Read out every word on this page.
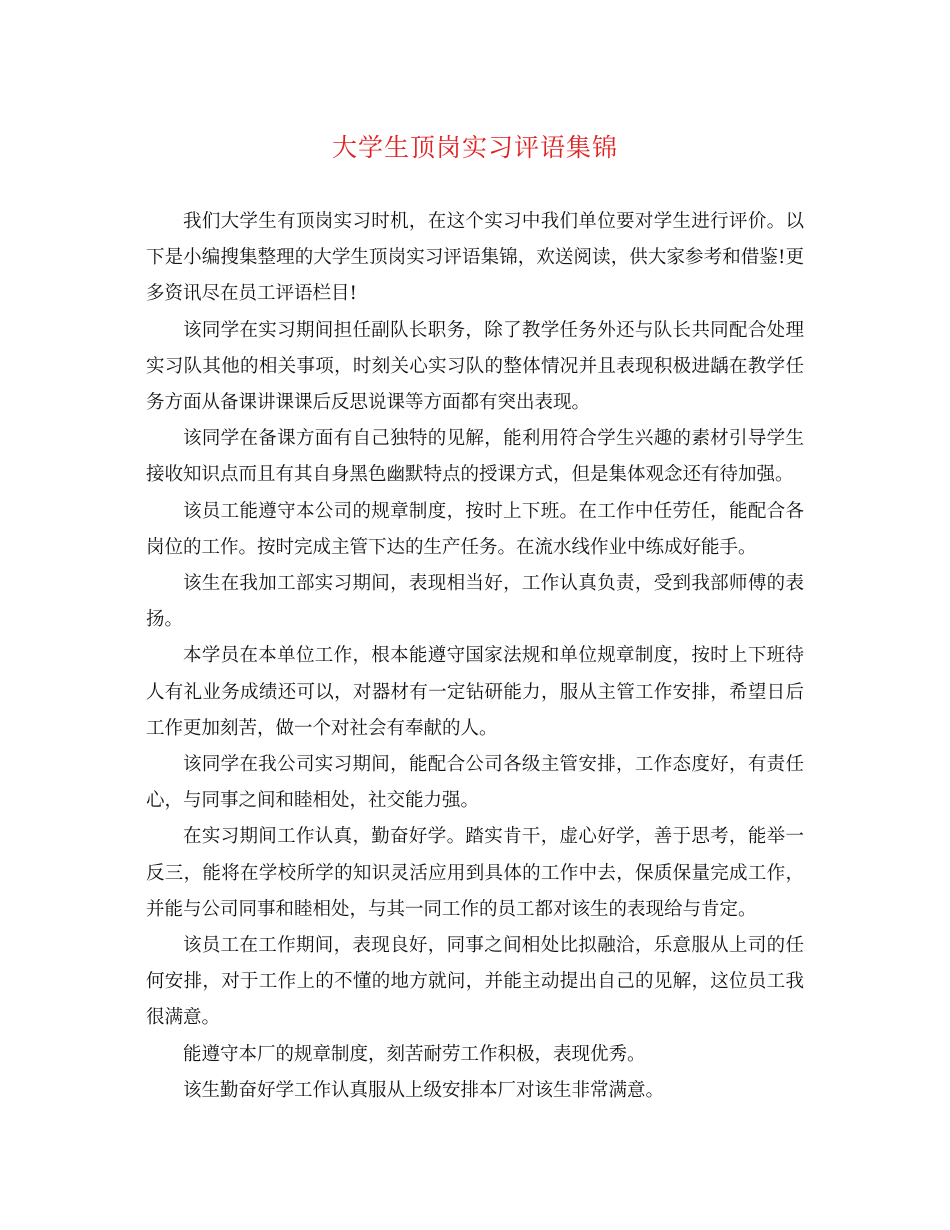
大学生顶岗实习评语集锦

我们大学生有顶岗实习时机，在这个实习中我们单位要对学生进行评价。以下是小编搜集整理的大学生顶岗实习评语集锦，欢送阅读，供大家参考和借鉴!更多资讯尽在员工评语栏目!

该同学在实习期间担任副队长职务，除了教学任务外还与队长共同配合处理实习队其他的相关事项，时刻关心实习队的整体情况并且表现积极进龋在教学任务方面从备课讲课课后反思说课等方面都有突出表现。

该同学在备课方面有自己独特的见解，能利用符合学生兴趣的素材引导学生接收知识点而且有其自身黑色幽默特点的授课方式，但是集体观念还有待加强。

该员工能遵守本公司的规章制度，按时上下班。在工作中任劳任，能配合各岗位的工作。按时完成主管下达的生产任务。在流水线作业中练成好能手。

该生在我加工部实习期间，表现相当好，工作认真负责，受到我部师傅的表扬。

本学员在本单位工作，根本能遵守国家法规和单位规章制度，按时上下班待人有礼业务成绩还可以，对器材有一定钻研能力，服从主管工作安排，希望日后工作更加刻苦，做一个对社会有奉献的人。

该同学在我公司实习期间，能配合公司各级主管安排，工作态度好，有责任心，与同事之间和睦相处，社交能力强。

在实习期间工作认真，勤奋好学。踏实肯干，虚心好学，善于思考，能举一反三，能将在学校所学的知识灵活应用到具体的工作中去，保质保量完成工作，并能与公司同事和睦相处，与其一同工作的员工都对该生的表现给与肯定。

该员工在工作期间，表现良好，同事之间相处比拟融洽，乐意服从上司的任何安排，对于工作上的不懂的地方就问，并能主动提出自己的见解，这位员工我很满意。

能遵守本厂的规章制度，刻苦耐劳工作积极，表现优秀。

该生勤奋好学工作认真服从上级安排本厂对该生非常满意。
